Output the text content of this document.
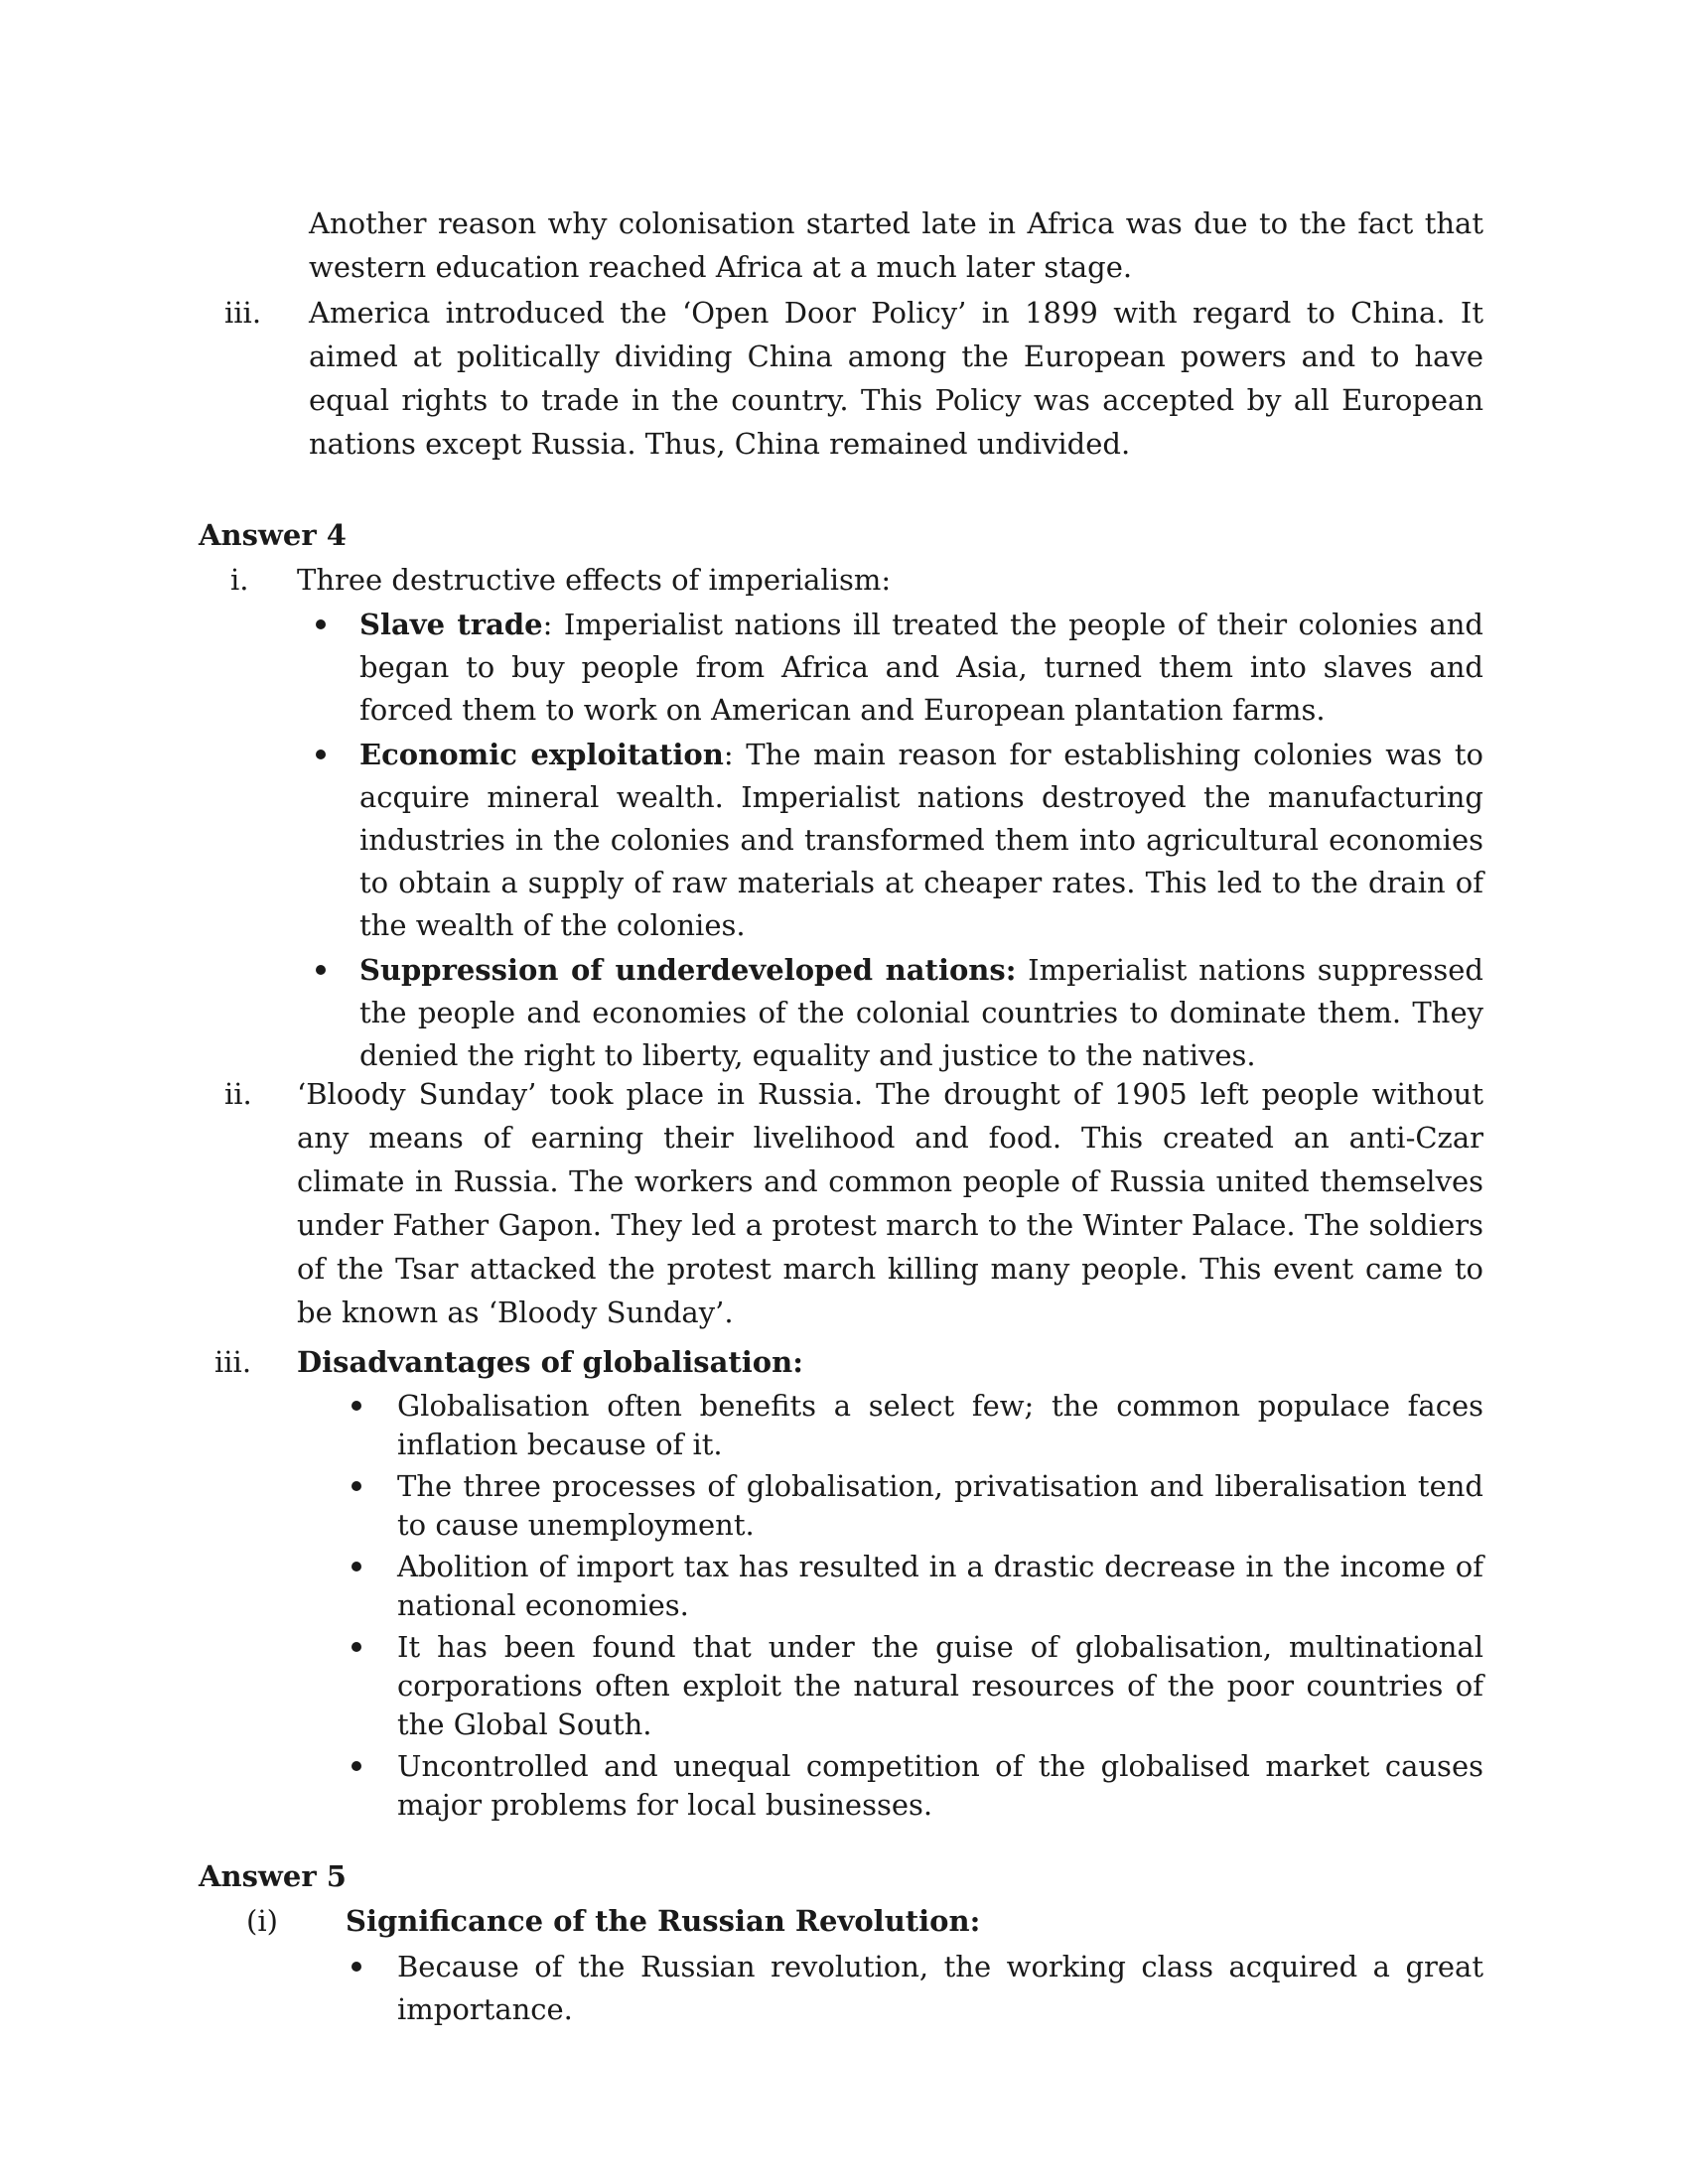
Another reason why colonisation started late in Africa was due to the fact that western education reached Africa at a much later stage.
iii. America introduced the ‘Open Door Policy’ in 1899 with regard to China. It aimed at politically dividing China among the European powers and to have equal rights to trade in the country. This Policy was accepted by all European nations except Russia. Thus, China remained undivided.
Answer 4
i. Three destructive effects of imperialism:
Slave trade: Imperialist nations ill treated the people of their colonies and began to buy people from Africa and Asia, turned them into slaves and forced them to work on American and European plantation farms.
Economic exploitation: The main reason for establishing colonies was to acquire mineral wealth. Imperialist nations destroyed the manufacturing industries in the colonies and transformed them into agricultural economies to obtain a supply of raw materials at cheaper rates. This led to the drain of the wealth of the colonies.
Suppression of underdeveloped nations: Imperialist nations suppressed the people and economies of the colonial countries to dominate them. They denied the right to liberty, equality and justice to the natives.
ii. ‘Bloody Sunday’ took place in Russia. The drought of 1905 left people without any means of earning their livelihood and food. This created an anti-Czar climate in Russia. The workers and common people of Russia united themselves under Father Gapon. They led a protest march to the Winter Palace. The soldiers of the Tsar attacked the protest march killing many people. This event came to be known as ‘Bloody Sunday’.
iii. Disadvantages of globalisation:
Globalisation often benefits a select few; the common populace faces inflation because of it.
The three processes of globalisation, privatisation and liberalisation tend to cause unemployment.
Abolition of import tax has resulted in a drastic decrease in the income of national economies.
It has been found that under the guise of globalisation, multinational corporations often exploit the natural resources of the poor countries of the Global South.
Uncontrolled and unequal competition of the globalised market causes major problems for local businesses.
Answer 5
(i) Significance of the Russian Revolution:
Because of the Russian revolution, the working class acquired a great importance.
